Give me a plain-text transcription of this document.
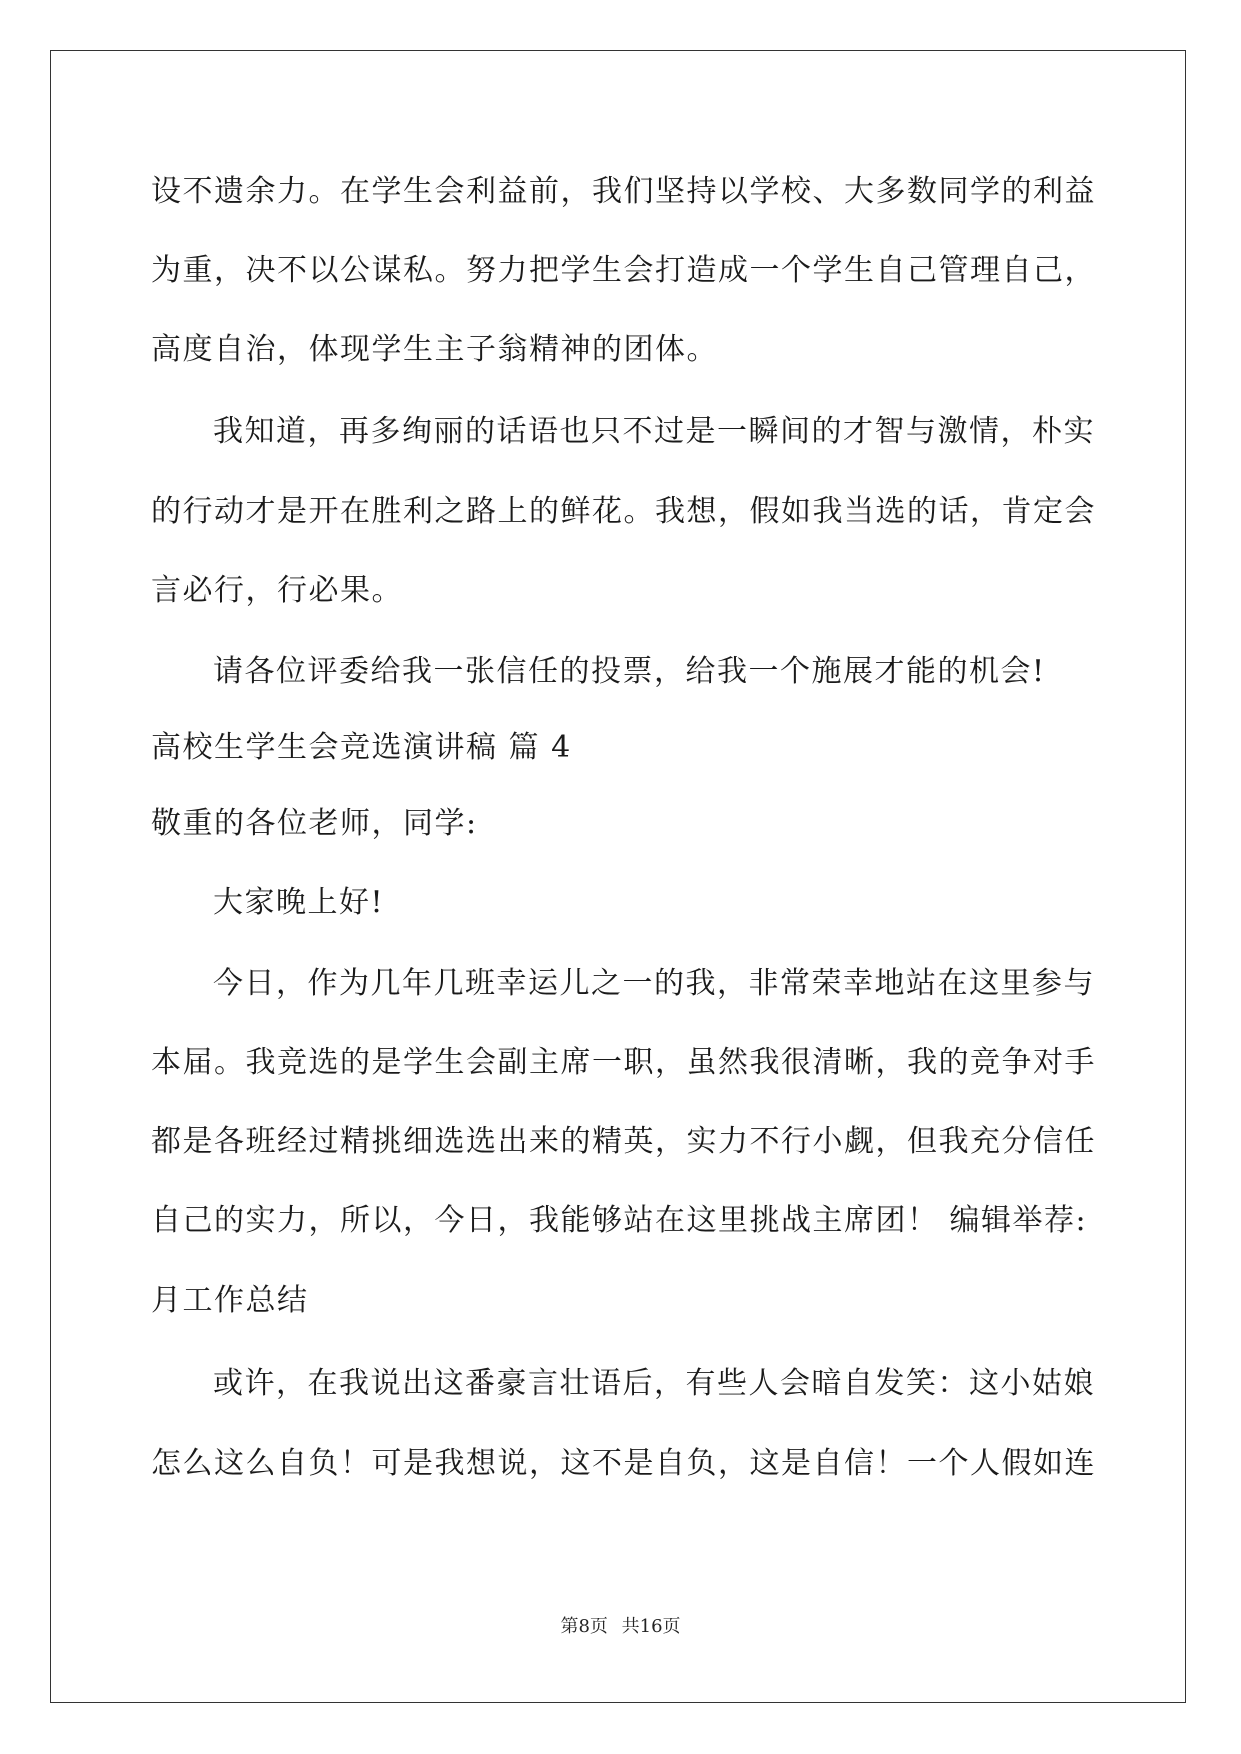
设不遗余力。在学生会利益前，我们坚持以学校、大多数同学的利益
为重，决不以公谋私。努力把学生会打造成一个学生自己管理自己，
高度自治，体现学生主子翁精神的团体。
我知道，再多绚丽的话语也只不过是一瞬间的才智与激情，朴实
的行动才是开在胜利之路上的鲜花。我想，假如我当选的话，肯定会
言必行，行必果。
请各位评委给我一张信任的投票，给我一个施展才能的机会!
高校生学生会竞选演讲稿 篇 4
敬重的各位老师，同学:
大家晚上好!
今日，作为几年几班幸运儿之一的我，非常荣幸地站在这里参与
本届。我竞选的是学生会副主席一职，虽然我很清晰，我的竞争对手
都是各班经过精挑细选选出来的精英，实力不行小觑，但我充分信任
自己的实力，所以，今日，我能够站在这里挑战主席团！ 编辑举荐:
月工作总结
或许，在我说出这番豪言壮语后，有些人会暗自发笑：这小姑娘
怎么这么自负！可是我想说，这不是自负，这是自信！一个人假如连
第8页 共16页
